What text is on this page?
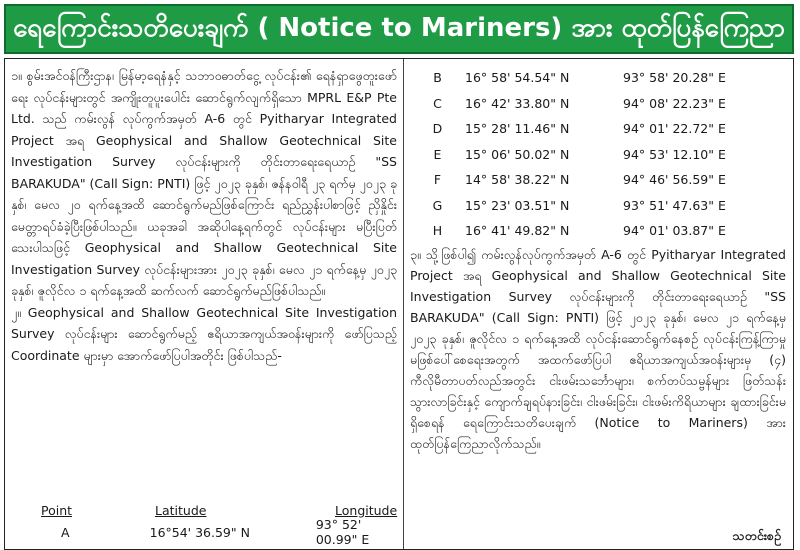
ရေကြောင်းသတိပေးချက် ( Notice to Mariners) အား ထုတ်ပြန်ကြေညာ

၁။ စွမ်းအင်ဝန်ကြီးဌာန၊ မြန်မာ့ရေနံနှင့် သဘာဝဓာတ်ငွေ့ လုပ်ငန်း၏ ရေနံရှာဖွေတူးဖော်ရေး လုပ်ငန်းများတွင် အကျိုးတူပူးပေါင်း ဆောင်ရွက်လျက်ရှိသော MPRL E&P Pte Ltd. သည် ကမ်းလွန် လုပ်ကွက်အမှတ် A-6 တွင် Pyitharyar Integrated Project အရ Geophysical and Shallow Geotechnical Site Investigation Survey လုပ်ငန်းများကို တိုင်းတာရေးရေယာဉ် "SS BARAKUDA" (Call Sign: PNTI) ဖြင့် ၂၀၂၃ ခုနှစ်၊ ဇန်နဝါရီ ၂၃ ရက်မှ ၂၀၂၃ ခုနှစ်၊ မေလ ၂၀ ရက်နေ့အထိ ဆောင်ရွက်မည်ဖြစ်ကြောင်း ရည်ညွှန်းပါစာဖြင့် ညှိနှိုင်းမေတ္တာရပ်ခံခဲ့ပြီးဖြစ်ပါသည်။ ယခုအခါ အဆိုပါနေ့ရက်တွင် လုပ်ငန်းများ မပြီးပြတ်သေးပါသဖြင့် Geophysical and Shallow Geotechnical Site Investigation Survey လုပ်ငန်းများအား ၂၀၂၃ ခုနှစ်၊ မေလ ၂၁ ရက်နေ့မှ ၂၀၂၃ ခုနှစ်၊ ဇူလိုင်လ ၁ ရက်နေ့အထိ ဆက်လက် ဆောင်ရွက်မည်ဖြစ်ပါသည်။

၂။ Geophysical and Shallow Geotechnical Site Investigation Survey လုပ်ငန်းများ ဆောင်ရွက်မည့် ဧရိယာအကျယ်အဝန်းများကို ဖော်ပြသည့် Coordinate များမှာ အောက်ဖော်ပြပါအတိုင်း ဖြစ်ပါသည်-

Point	Latitude	Longitude
A	16°54' 36.59" N	93° 52' 00.99" E
B	16° 58' 54.54" N	93° 58' 20.28" E
C	16° 42' 33.80" N	94° 08' 22.23" E
D	15° 28' 11.46" N	94° 01' 22.72" E
E	15° 06' 50.02" N	94° 53' 12.10" E
F	14° 58' 38.22" N	94° 46' 56.59" E
G	15° 23' 03.51" N	93° 51' 47.63" E
H	16° 41' 49.82" N	94° 01' 03.87" E

၃။ သို့ဖြစ်ပါ၍ ကမ်းလွန်လုပ်ကွက်အမှတ် A-6 တွင် Pyitharyar Integrated Project အရ Geophysical and Shallow Geotechnical Site Investigation Survey လုပ်ငန်းများကို တိုင်းတာရေးရေယာဉ် "SS BARAKUDA" (Call Sign: PNTI) ဖြင့် ၂၀၂၃ ခုနှစ်၊ မေလ ၂၁ ရက်နေ့မှ ၂၀၂၃ ခုနှစ်၊ ဇူလိုင်လ ၁ ရက်နေ့အထိ လုပ်ငန်းဆောင်ရွက်နေစဉ် လုပ်ငန်းကြန့်ကြာမှုမဖြစ်ပေါ်စေရေးအတွက် အထက်ဖော်ပြပါ ဧရိယာအကျယ်အဝန်းများမှ (၄) ကီလိုမီတာပတ်လည်အတွင်း ငါးဖမ်းသင်္ဘောများ၊ စက်တပ်သမ္ဗန်များ ဖြတ်သန်းသွားလာခြင်းနှင့် ကျောက်ချရပ်နားခြင်း၊ ငါးဖမ်းခြင်း၊ ငါးဖမ်းကိရိယာများ ချထားခြင်းမရှိစေရန် ရေကြောင်းသတိပေးချက် (Notice to Mariners) အား ထုတ်ပြန်ကြေညာလိုက်သည်။

သတင်းစဉ်
